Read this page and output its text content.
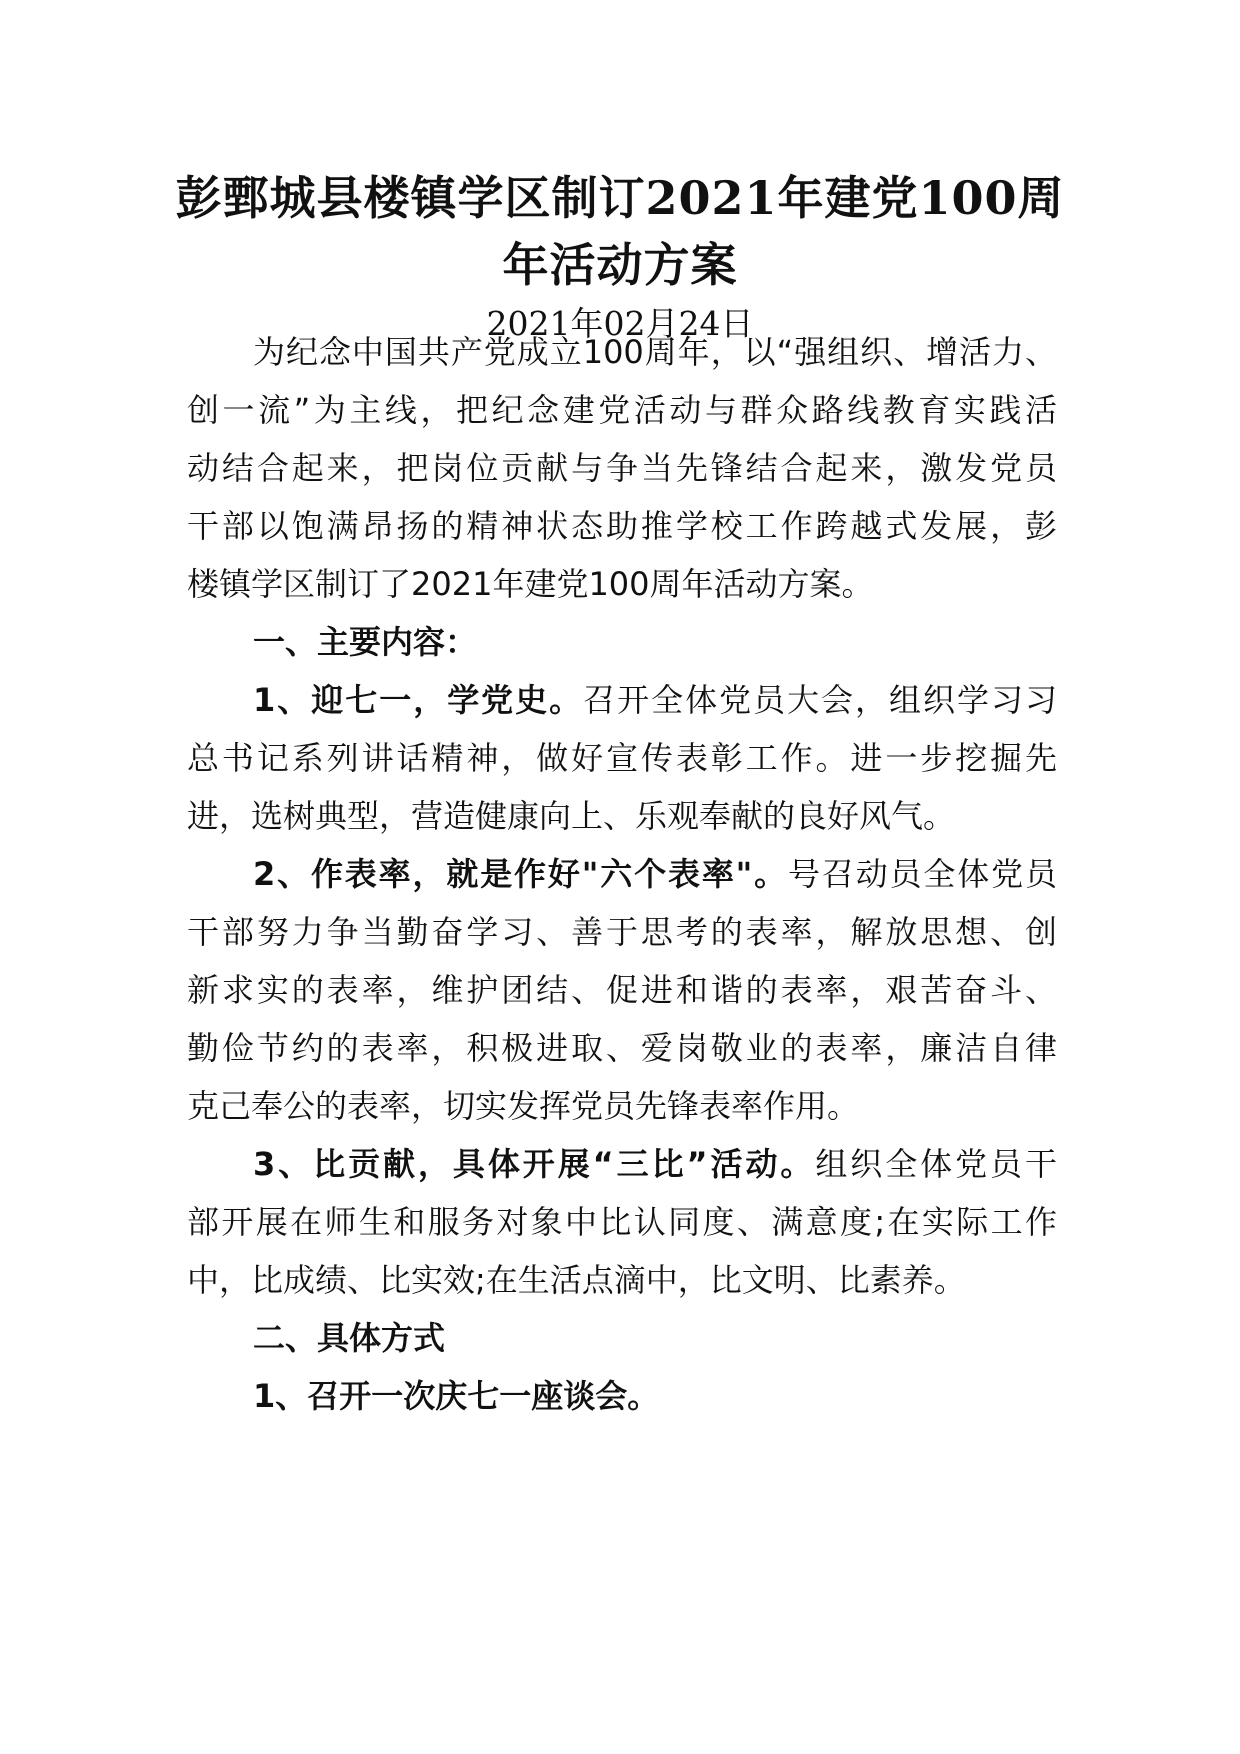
彭鄄城县楼镇学区制订2021年建党100周
年活动方案
2021年02月24日
为纪念中国共产党成立100周年，以“强组织、增活力、
创一流”为主线，把纪念建党活动与群众路线教育实践活
动结合起来，把岗位贡献与争当先锋结合起来，激发党员
干部以饱满昂扬的精神状态助推学校工作跨越式发展，彭
楼镇学区制订了2021年建党100周年活动方案。
一、主要内容：
1、迎七一，学党史。召开全体党员大会，组织学习习
总书记系列讲话精神，做好宣传表彰工作。进一步挖掘先
进，选树典型，营造健康向上、乐观奉献的良好风气。
2、作表率，就是作好"六个表率"。号召动员全体党员
干部努力争当勤奋学习、善于思考的表率，解放思想、创
新求实的表率，维护团结、促进和谐的表率，艰苦奋斗、
勤俭节约的表率，积极进取、爱岗敬业的表率，廉洁自律
克己奉公的表率，切实发挥党员先锋表率作用。
3、比贡献，具体开展“三比”活动。组织全体党员干
部开展在师生和服务对象中比认同度、满意度;在实际工作
中，比成绩、比实效;在生活点滴中，比文明、比素养。
二、具体方式
1、召开一次庆七一座谈会。
